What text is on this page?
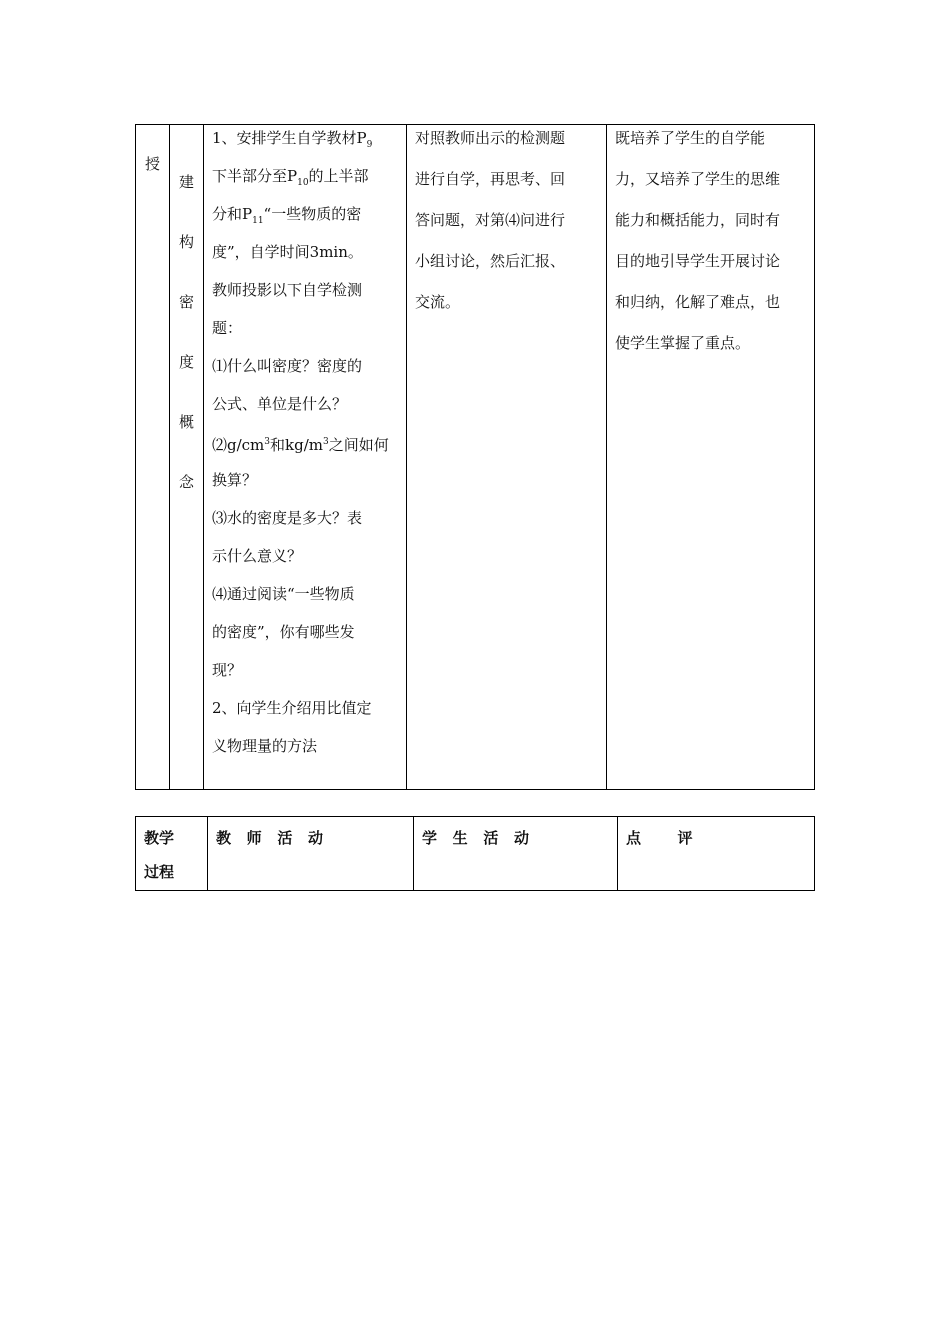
授
建
构
密
度
概
念
1、安排学生自学教材$P_9$
下半部分至$P_{10}$的上半部
分和$P_{11}“$一些物质的密
度”，自学时间3min。
教师投影以下自学检测
题：
⑴什么叫密度？密度的
公式、单位是什么？
$⑵g/cm^3$和$kg/m^3$之间如何
换算？
⑶水的密度是多大？表
示什么意义？
⑷通过阅读“一些物质
的密度”，你有哪些发
现？
2、向学生介绍用比值定
义物理量的方法
对照教师出示的检测题
进行自学，再思考、回
答问题，对第⑷问进行
小组讨论，然后汇报、
交流。
既培养了学生的自学能
力，又培养了学生的思维
能力和概括能力，同时有
目的地引导学生开展讨论
和归纳，化解了难点，也
使学生掌握了重点。
教学
过程
教   师   活   动	学   生   活   动	点       评
